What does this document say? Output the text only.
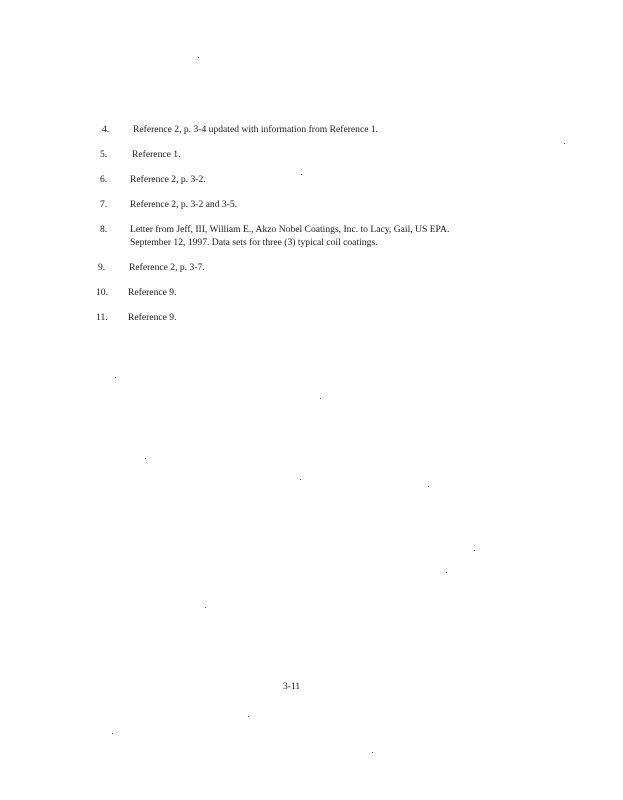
4. Reference 2, p. 3-4 updated with information from Reference 1.
5.	Reference 1.
6. Reference 2, p. 3-2.
7. Reference 2, p. 3-2 and 3-5.
8. Letter from Jeff, III, William E., Akzo Nobel Coatings, Inc. to Lacy, Gail, US EPA.
September 12, 1997. Data sets for three (3) typical coil coatings.
9. Reference 2, p. 3-7.
10. Reference 9.
11. Reference 9.
3-11
